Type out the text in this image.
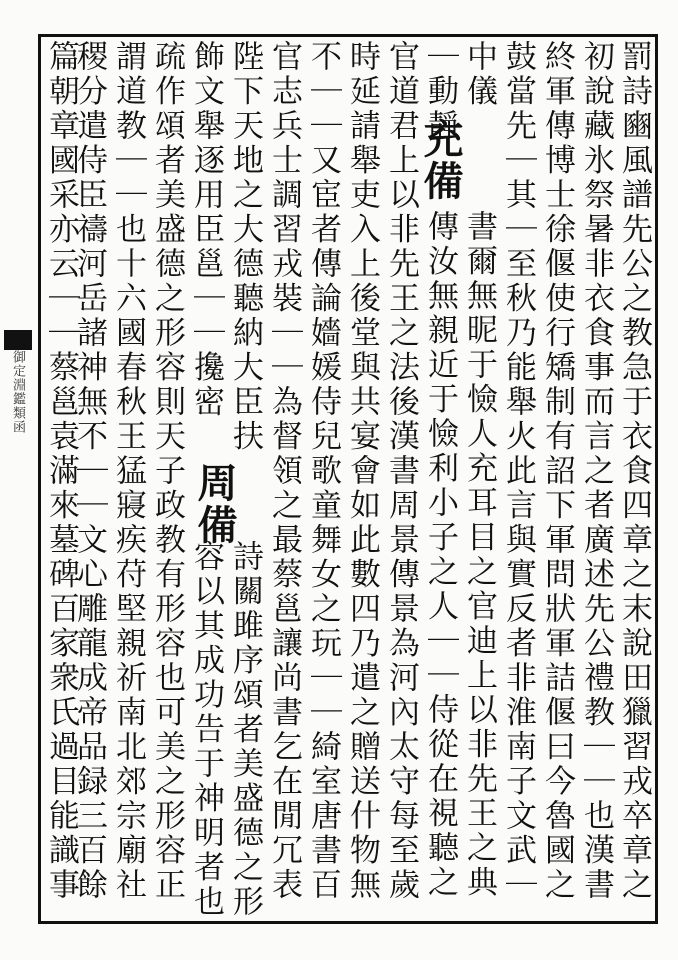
御定淵鑑類函	罰詩豳風譜先公之教急于衣食四章之末說田獵習戎卒章之
初說藏氷祭暑非衣食事而言之者廣述先公禮教｜｜也漢書
終軍傳博士徐偃使行矯制有詔下軍問狀軍詰偃曰今魯國之
鼓當先｜其｜至秋乃能舉火此言與實反者非淮南子文武｜
中儀
書爾無昵于憸人充耳目之官迪上以非先王之典
｜動靜
傳汝無親近于憸利小子之人｜｜侍從在視聽之
充備
官道君上以非先王之法後漢書周景傳景為河內太守每至歲
時延請舉吏入上後堂與共宴會如此數四乃遣之贈送什物無
不｜｜又宦者傳論嬙媛侍兒歌童舞女之玩｜｜綺室唐書百
官志兵士調習戎裝｜｜為督領之最蔡邕讓尚書乞在閒冗表
陛下天地之大德聽納大臣扶
詩關雎序頌者美盛德之形
飾文舉逐用臣邕｜｜攙密
容以其成功告于神明者也
周備
疏作頌者美盛德之形容則天子政教有形容也可美之形容正
謂道教｜｜也十六國春秋王猛寢疾苻堅親祈南北郊宗廟社
稷分遣侍臣禱河岳諸神無不｜｜文心雕龍成帝品録三百餘
篇朝章國采亦云｜｜蔡邕袁滿來墓碑百家衆氏過目能識事
